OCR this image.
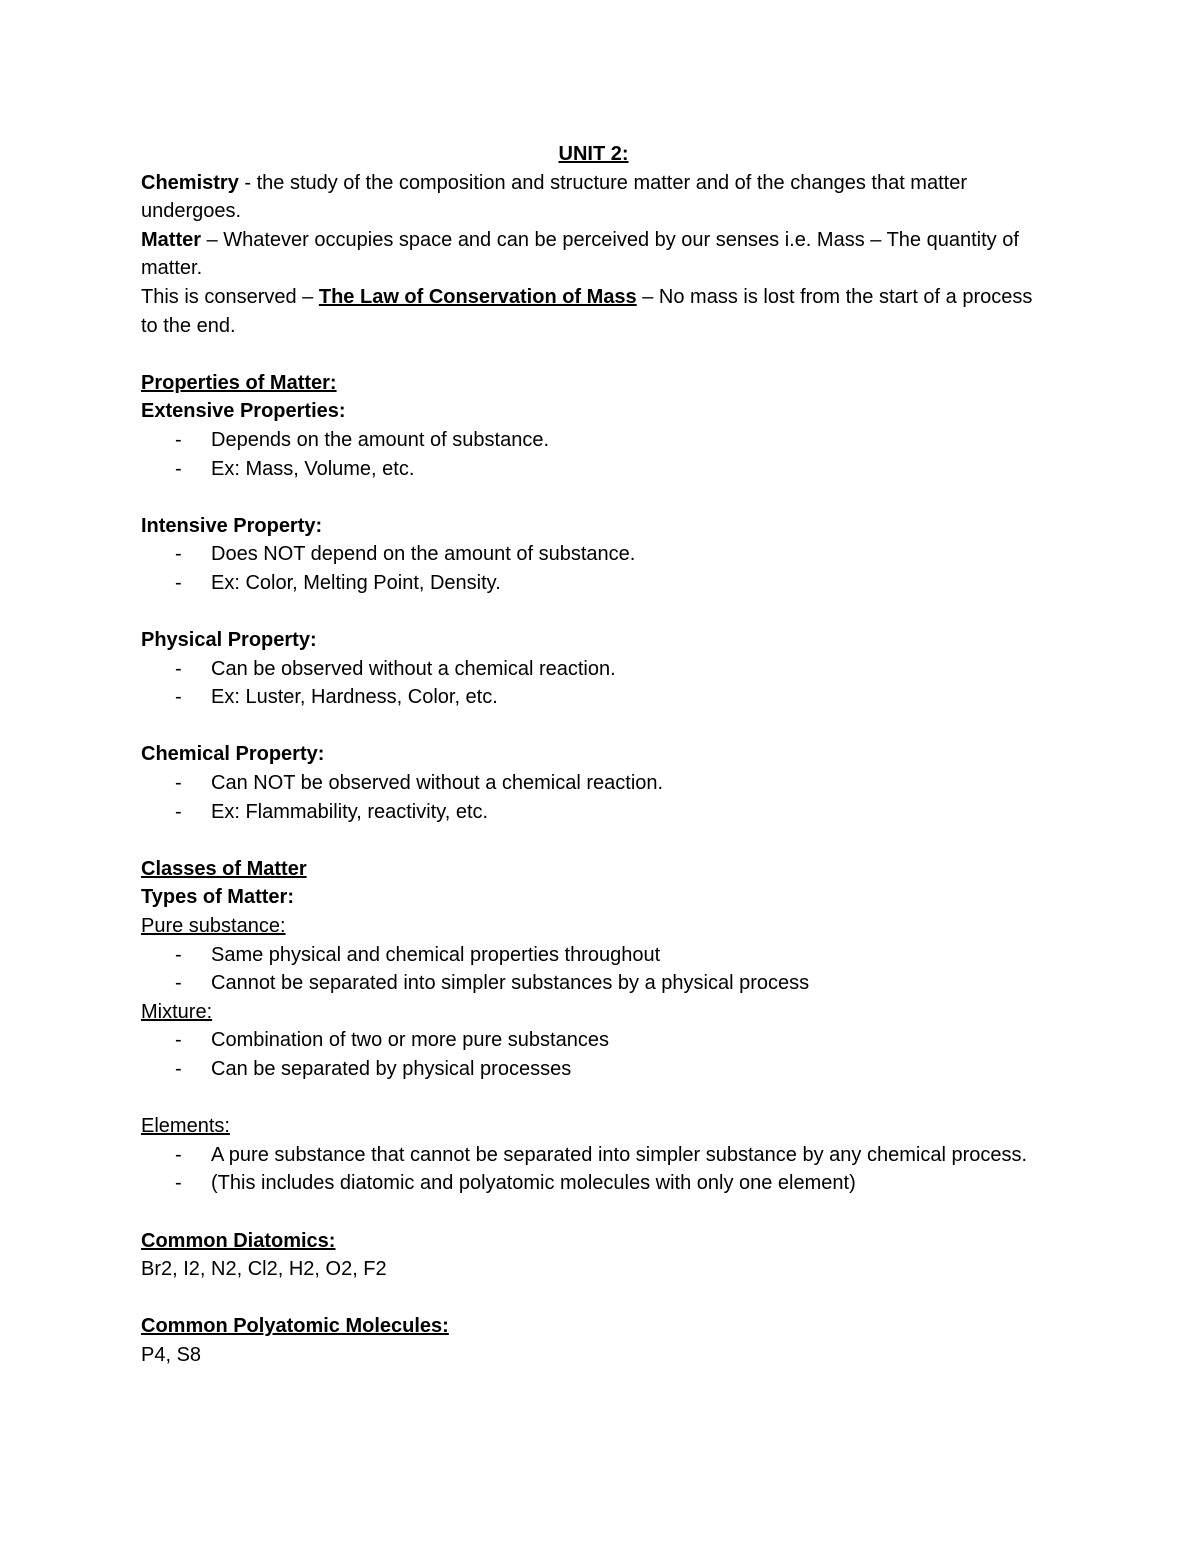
UNIT 2:

Chemistry - the study of the composition and structure matter and of the changes that matter undergoes.

Matter – Whatever occupies space and can be perceived by our senses i.e. Mass – The quantity of matter.

This is conserved – The Law of Conservation of Mass – No mass is lost from the start of a process to the end.

Properties of Matter:

Extensive Properties:

- Depends on the amount of substance.
- Ex: Mass, Volume, etc.

Intensive Property:

- Does NOT depend on the amount of substance.
- Ex: Color, Melting Point, Density.

Physical Property:

- Can be observed without a chemical reaction.
- Ex: Luster, Hardness, Color, etc.

Chemical Property:

- Can NOT be observed without a chemical reaction.
- Ex: Flammability, reactivity, etc.

Classes of Matter

Types of Matter:

Pure substance:

- Same physical and chemical properties throughout
- Cannot be separated into simpler substances by a physical process

Mixture:

- Combination of two or more pure substances
- Can be separated by physical processes

Elements:

- A pure substance that cannot be separated into simpler substance by any chemical process.
- (This includes diatomic and polyatomic molecules with only one element)

Common Diatomics:

Br2, I2, N2, Cl2, H2, O2, F2

Common Polyatomic Molecules:

P4, S8
